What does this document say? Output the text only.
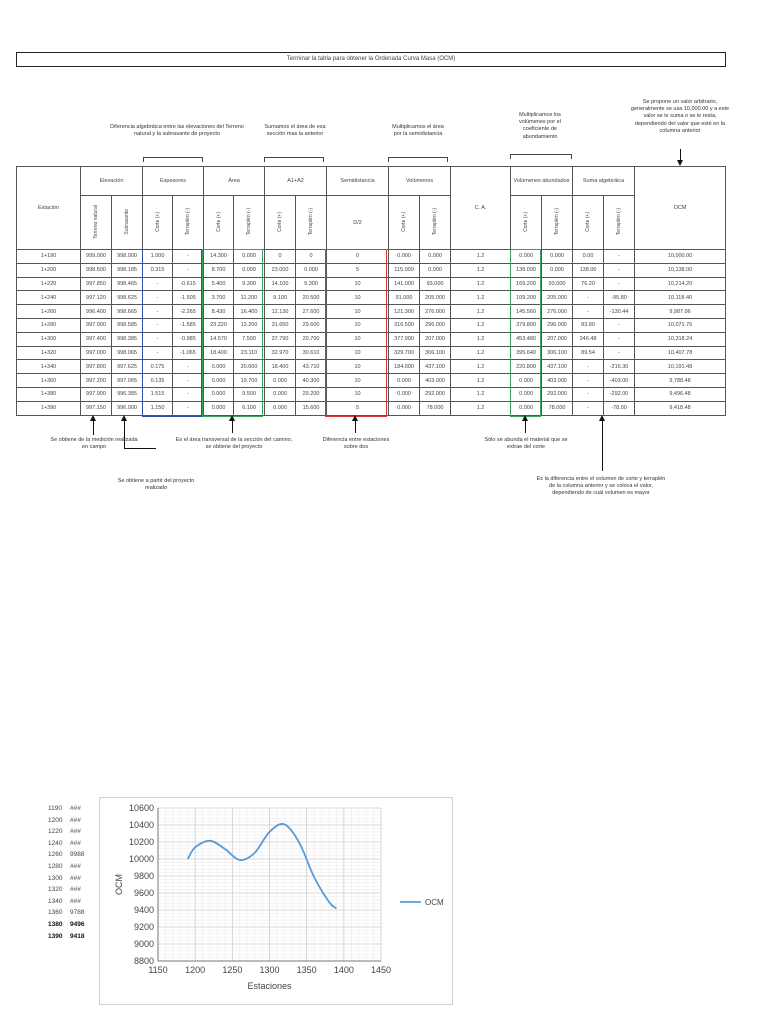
Terminar la tabla para obtener la Ordenada Curva Masa (OCM)
Diferencia algebráica entre las elevaciones del Terreno natural y la subrasante de proyecto
Sumamos el área de esa sección mas la anterior
Multiplicamos el área por la semidistancia
Multiplicamos los volúmenes por el coeficiente de abundamiento
Se propone un valor arbitrario, generalmente se usa 10,000.00 y a este valor se le suma o se le resta, dependiendo del valor que esté en la columna anterior
Estación	Elevación		Espesores		Área		A1+A2		Semidistancia	Volúmenes		C. A.	Volúmenes abundados		Suma algebráica		OCM
	Terreno natural	Subrasante	Corte (+)	Terraplén (-)	Corte (+)	Terraplén (-)	Corte (+)	Terraplén (-)	D/2	Corte (+)	Terraplén (-)		Corte (+)	Terraplén (-)	Corte (+)	Terraplén (-)	
1+190	999.000	998.000	1.000	-	14.300	0.000	0	0	0	0.000	0.000	1.2	0.000	0.000	0.00	-	10,000.00
1+200	998.500	998.185	0.315	-	8.700	0.000	23.000	0.000	5	115.000	0.000	1.2	138.000	0.000	138.00	-	10,138.00
1+220	997.850	998.465	-	-0.615	5.400	9.300	14.100	9.300	10	141.000	93.000	1.2	169.200	93.000	76.20	-	10,214.20
1+240	997.120	998.625	-	-1.505	3.700	11.200	9.100	20.500	10	91.000	205.000	1.2	109.200	205.000	-	-95.80	10,118.40
1+260	996.400	998.665	-	-2.265	8.430	16.400	12.130	27.600	10	121.300	276.000	1.2	145.560	276.000	-	-130.44	9,987.96
1+280	997.000	998.585	-	-1.585	23.220	13.200	31.650	29.600	10	316.500	296.000	1.2	379.800	296.000	83.80	-	10,071.76
1+300	997.400	998.385	-	-0.985	14.570	7.500	37.790	20.700	10	377.900	207.000	1.2	453.480	207.000	246.48	-	10,318.24
1+320	997.000	998.065	-	-1.065	18.400	23.110	32.970	30.610	10	329.700	306.100	1.2	395.640	306.100	89.54	-	10,407.78
1+340	997.800	997.625	0.175	-	0.000	20.600	18.400	43.710	10	184.000	437.100	1.2	220.800	437.100	-	-216.30	10,191.48
1+360	997.200	997.065	0.135	-	0.000	19.700	0.000	40.300	10	0.000	403.000	1.2	0.000	403.000	-	-403.00	9,788.48
1+380	997.900	996.385	1.515	-	0.000	9.500	0.000	29.200	10	0.000	292.000	1.2	0.000	292.000	-	-292.00	9,496.48
1+390	997.150	996.000	1.150	-	0.000	6.100	0.000	15.600	5	0.000	78.000	1.2	0.000	78.000	-	-78.00	9,418.48
Se obtiene de la medición realizada en campo
Se obtiene a partir del proyecto realizado
Es el área transversal de la sección del camino, se obtiene del proyecto
Diferencia entre estaciones sobre dos
Sólo se abunda el material que se extrae del corte
Es la diferencia entre el volumen de corte y terraplén de la columna anterior y se coloca el valor, dependiendo de cuál volumen es mayor
1190 ###
1200 ###
1220 ###
1240 ###
1260 9988
1280 ###
1300 ###
1320 ###
1340 ###
1360 9788
1380 9496
1390 9418
1150 1200 1250 1300 1350 1400 1450
8800
9000
9200
9400
9600
9800
10000
10200
10400
10600
Estaciones
OCM
OCM
